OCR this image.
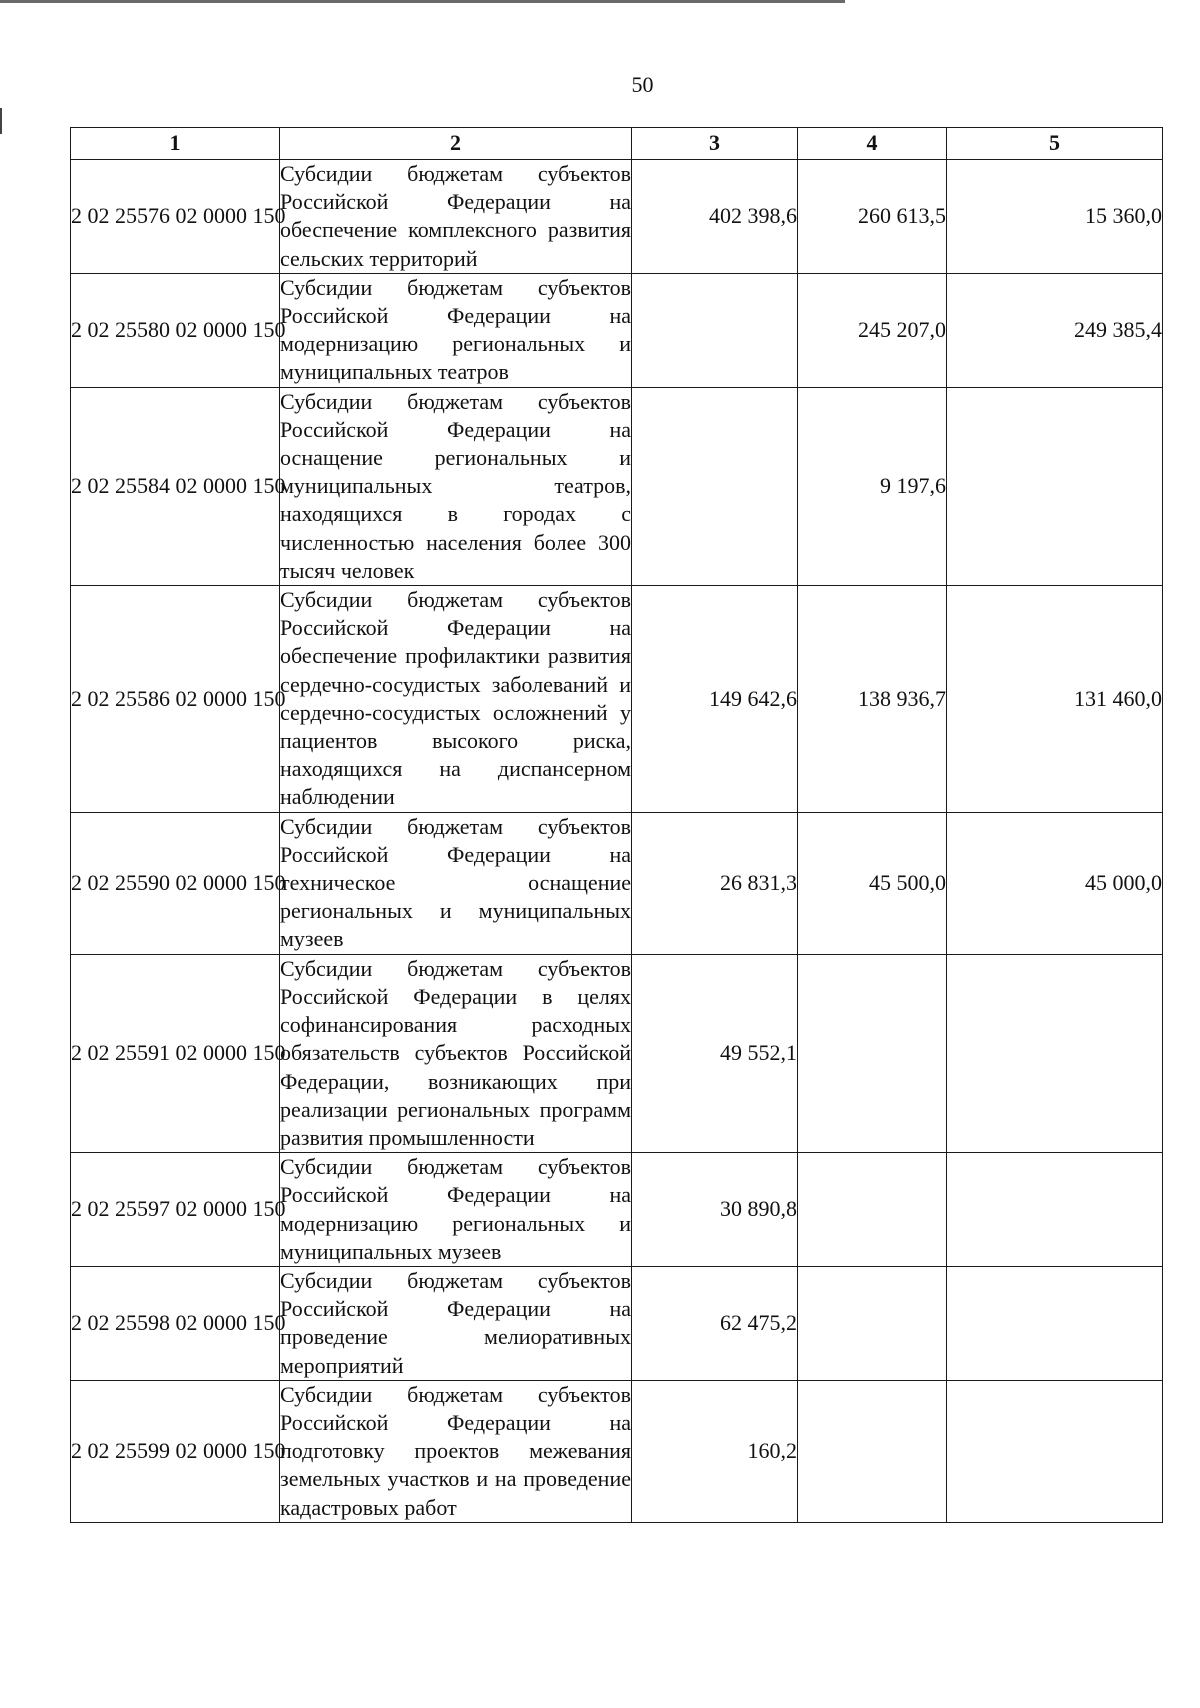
50
1	2	3	4	5
2 02 25576 02 0000 150	Субсидии бюджетам субъектов Российской Федерации на обеспечение комплексного развития сельских территорий	402 398,6	260 613,5	15 360,0
2 02 25580 02 0000 150	Субсидии бюджетам субъектов Российской Федерации на модернизацию региональных и муниципальных театров		245 207,0	249 385,4
2 02 25584 02 0000 150	Субсидии бюджетам субъектов Российской Федерации на оснащение региональных и муниципальных театров, находящихся в городах с численностью населения более 300 тысяч человек		9 197,6	
2 02 25586 02 0000 150	Субсидии бюджетам субъектов Российской Федерации на обеспечение профилактики развития сердечно-сосудистых заболеваний и сердечно-сосудистых осложнений у пациентов высокого риска, находящихся на диспансерном наблюдении	149 642,6	138 936,7	131 460,0
2 02 25590 02 0000 150	Субсидии бюджетам субъектов Российской Федерации на техническое оснащение региональных и муниципальных музеев	26 831,3	45 500,0	45 000,0
2 02 25591 02 0000 150	Субсидии бюджетам субъектов Российской Федерации в целях софинансирования расходных обязательств субъектов Российской Федерации, возникающих при реализации региональных программ развития промышленности	49 552,1		
2 02 25597 02 0000 150	Субсидии бюджетам субъектов Российской Федерации на модернизацию региональных и муниципальных музеев	30 890,8		
2 02 25598 02 0000 150	Субсидии бюджетам субъектов Российской Федерации на проведение мелиоративных мероприятий	62 475,2		
2 02 25599 02 0000 150	Субсидии бюджетам субъектов Российской Федерации на подготовку проектов межевания земельных участков и на проведение кадастровых работ	160,2		
